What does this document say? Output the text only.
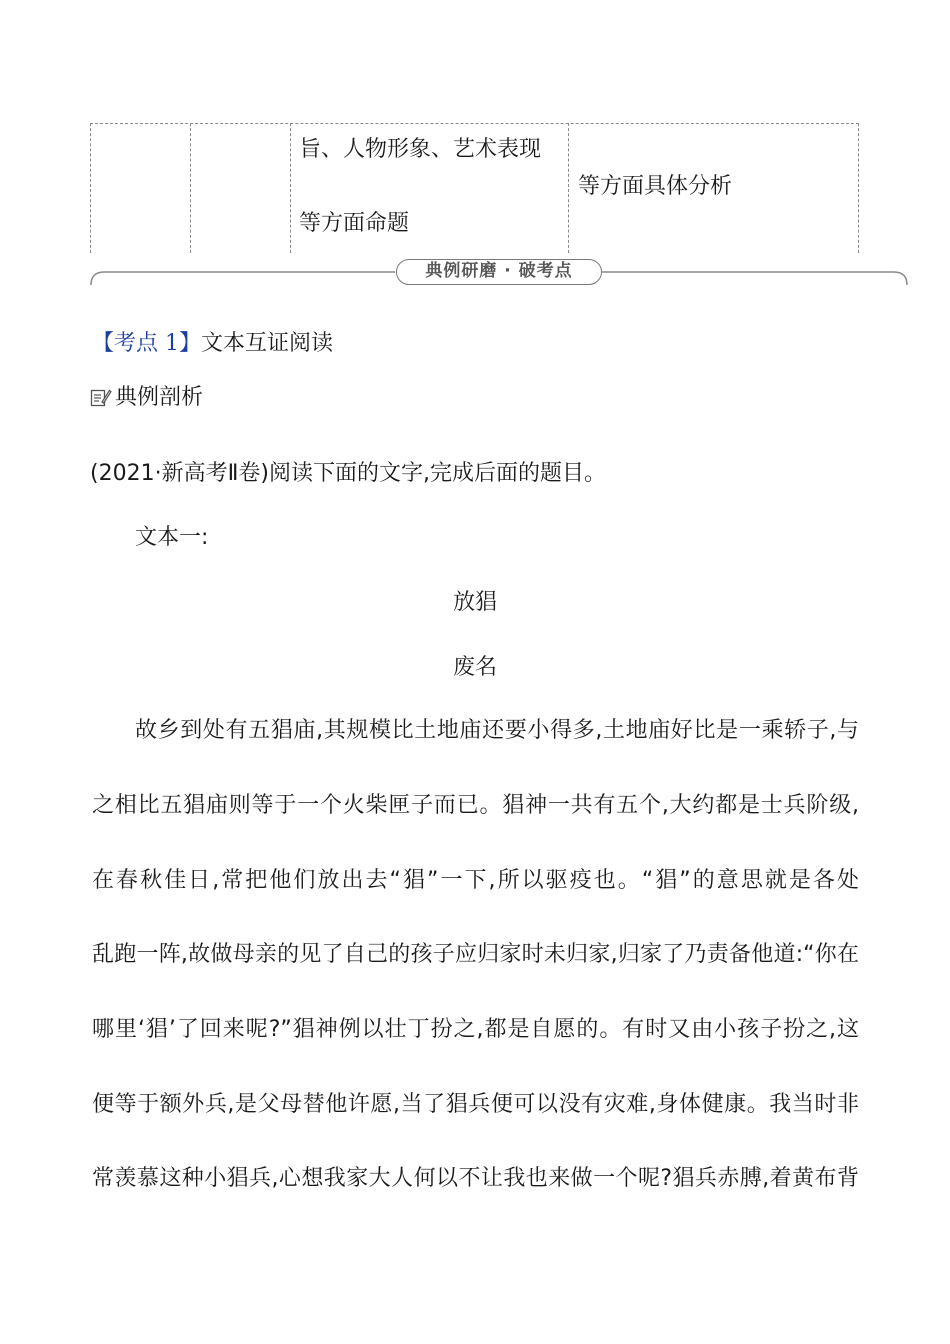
旨、人物形象、艺术表现
等方面命题
等方面具体分析
典例研磨 · 破考点
【考点 1】文本互证阅读
典例剖析
(2021·新高考Ⅱ卷)阅读下面的文字,完成后面的题目。
文本一:
放猖
废名
故乡到处有五猖庙,其规模比土地庙还要小得多,土地庙好比是一乘轿子,与
之相比五猖庙则等于一个火柴匣子而已。猖神一共有五个,大约都是士兵阶级,
在春秋佳日,常把他们放出去“猖”一下,所以驱疫也。“猖”的意思就是各处
乱跑一阵,故做母亲的见了自己的孩子应归家时未归家,归家了乃责备他道:“你在
哪里‘猖’了回来呢?”猖神例以壮丁扮之,都是自愿的。有时又由小孩子扮之,这
便等于额外兵,是父母替他许愿,当了猖兵便可以没有灾难,身体健康。我当时非
常羡慕这种小猖兵,心想我家大人何以不让我也来做一个呢?猖兵赤膊,着黄布背
